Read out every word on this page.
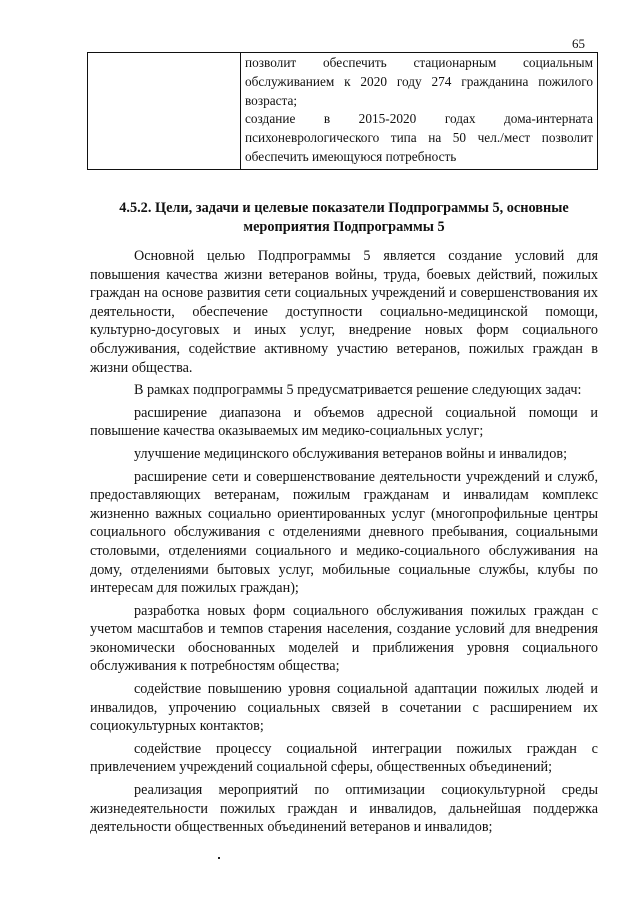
65

позволит обеспечить стационарным социальным обслуживанием к 2020 году 274 гражданина пожилого возраста;

создание в 2015-2020 годах дома-интерната психоневрологического типа на 50 чел./мест позволит обеспечить имеющуюся потребность

4.5.2. Цели, задачи и целевые показатели Подпрограммы 5, основные мероприятия Подпрограммы 5

Основной целью Подпрограммы 5 является создание условий для повышения качества жизни ветеранов войны, труда, боевых действий, пожилых граждан на основе развития сети социальных учреждений и совершенствования их деятельности, обеспечение доступности социально-медицинской помощи, культурно-досуговых и иных услуг, внедрение новых форм социального обслуживания, содействие активному участию ветеранов, пожилых граждан в жизни общества.

В рамках подпрограммы 5 предусматривается решение следующих задач:

расширение диапазона и объемов адресной социальной помощи и повышение качества оказываемых им медико-социальных услуг;

улучшение медицинского обслуживания ветеранов войны и инвалидов;

расширение сети и совершенствование деятельности учреждений и служб, предоставляющих ветеранам, пожилым гражданам и инвалидам комплекс жизненно важных социально ориентированных услуг (многопрофильные центры социального обслуживания с отделениями дневного пребывания, социальными столовыми, отделениями социального и медико-социального обслуживания на дому, отделениями бытовых услуг, мобильные социальные службы, клубы по интересам для пожилых граждан);

разработка новых форм социального обслуживания пожилых граждан с учетом масштабов и темпов старения населения, создание условий для внедрения экономически обоснованных моделей и приближения уровня социального обслуживания к потребностям общества;

содействие повышению уровня социальной адаптации пожилых людей и инвалидов, упрочению социальных связей в сочетании с расширением их социокультурных контактов;

содействие процессу социальной интеграции пожилых граждан с привлечением учреждений социальной сферы, общественных объединений;

реализация мероприятий по оптимизации социокультурной среды жизнедеятельности пожилых граждан и инвалидов, дальнейшая поддержка деятельности общественных объединений ветеранов и инвалидов;
